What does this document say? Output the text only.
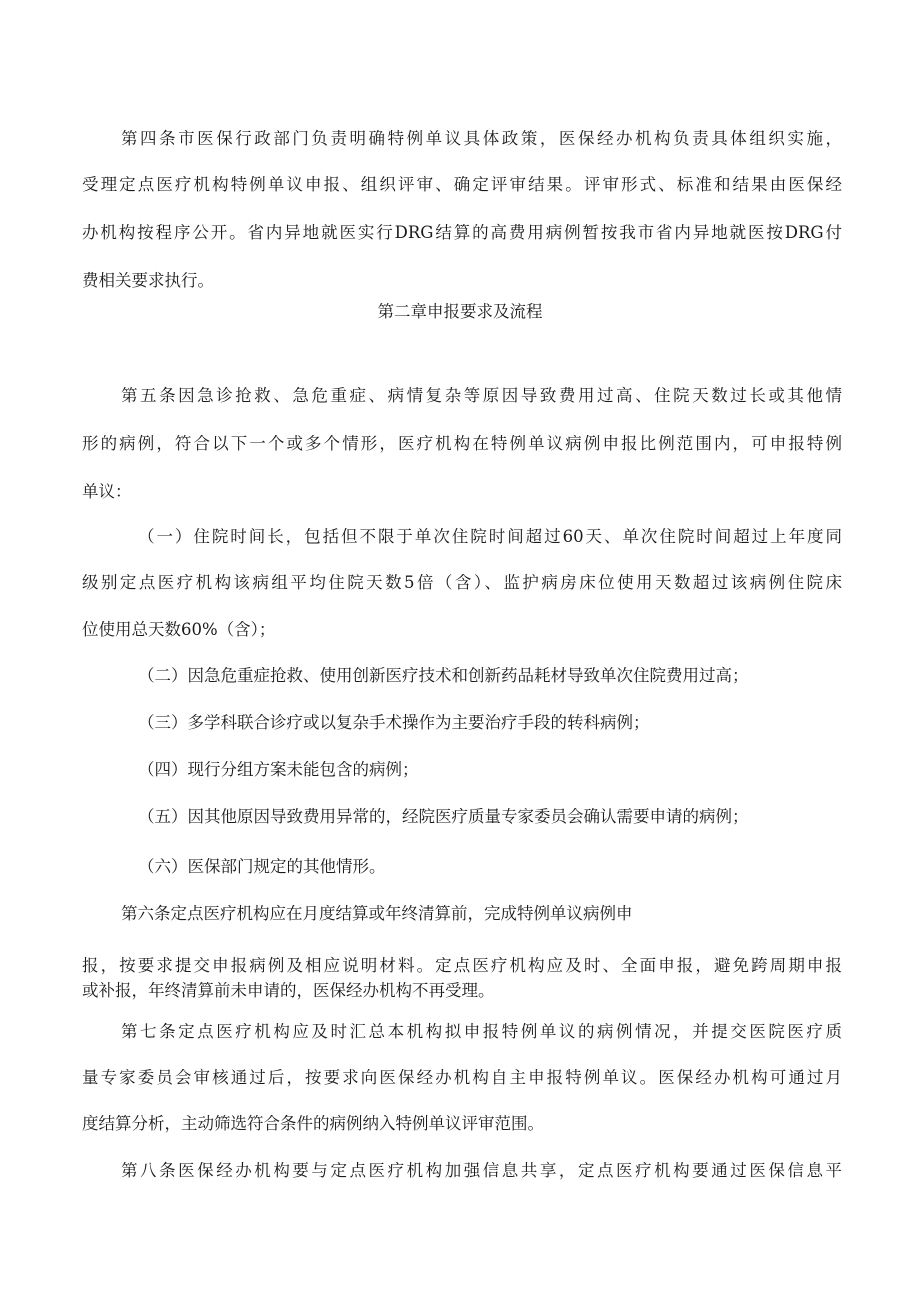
第四条市医保行政部门负责明确特例单议具体政策，医保经办机构负责具体组织实施，
受理定点医疗机构特例单议申报、组织评审、确定评审结果。评审形式、标准和结果由医保经
办机构按程序公开。省内异地就医实行DRG结算的高费用病例暂按我市省内异地就医按DRG付
费相关要求执行。
第二章申报要求及流程
第五条因急诊抢救、急危重症、病情复杂等原因导致费用过高、住院天数过长或其他情
形的病例，符合以下一个或多个情形，医疗机构在特例单议病例申报比例范围内，可申报特例
单议：
（一）住院时间长，包括但不限于单次住院时间超过60天、单次住院时间超过上年度同
级别定点医疗机构该病组平均住院天数5倍（含）、监护病房床位使用天数超过该病例住院床
位使用总天数60%（含）；
（二）因急危重症抢救、使用创新医疗技术和创新药品耗材导致单次住院费用过高；
（三）多学科联合诊疗或以复杂手术操作为主要治疗手段的转科病例；
（四）现行分组方案未能包含的病例；
（五）因其他原因导致费用异常的，经院医疗质量专家委员会确认需要申请的病例；
（六）医保部门规定的其他情形。
第六条定点医疗机构应在月度结算或年终清算前，完成特例单议病例申
报，按要求提交申报病例及相应说明材料。定点医疗机构应及时、全面申报，避免跨周期申报
或补报，年终清算前未申请的，医保经办机构不再受理。
第七条定点医疗机构应及时汇总本机构拟申报特例单议的病例情况，并提交医院医疗质
量专家委员会审核通过后，按要求向医保经办机构自主申报特例单议。医保经办机构可通过月
度结算分析，主动筛选符合条件的病例纳入特例单议评审范围。
第八条医保经办机构要与定点医疗机构加强信息共享，定点医疗机构要通过医保信息平
